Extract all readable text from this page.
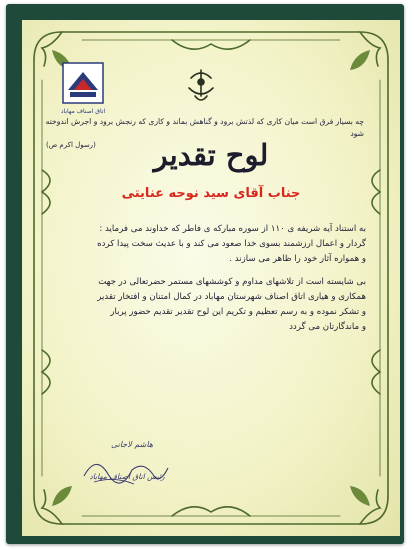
اتاق اصناف مهاباد
چه بسیار فرق است میان کاری که لذتش برود و گناهش بماند و کاری که رنجش برود و اجرش اندوخته شود
(رسول اکرم ص)	لوح تقدیر
جناب آقای سید نوحه عنایتی

به استناد آیه شریفه ی ۱۱۰ از سوره مبارکه ی فاطر که خداوند می فرماید :

گردار و اعمال ارزشمند بسوی خدا صعود می کند و با عدیث سخت پیدا کرده

و همواره آثار خود را ظاهر می سازند .

بی شایسته است از تلاشهای مداوم و کوششهای مستمر حضرتعالی در جهت

همکاری و هیاری اتاق اصناف شهرستان مهاباد در کمال امتنان و افتخار تقدیر

و تشکر نموده و به رسم تعظیم و تکریم این لوح تقدیر تقدیم حضور پربار

و ماندگارتان می گردد

هاشم لاجانی
رئیس اتاق اصناف مهاباد
